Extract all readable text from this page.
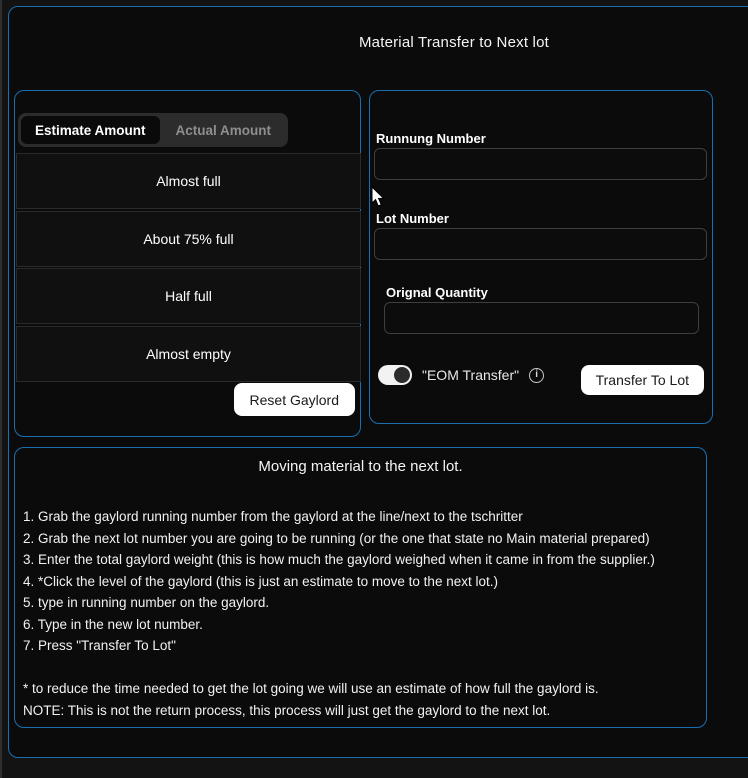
Material Transfer to Next lot
Estimate Amount	Actual Amount
Almost full
About 75% full
Half full
Almost empty
Reset Gaylord
Runnung Number
Lot Number
Orignal Quantity
"EOM Transfer"	i	Transfer To Lot
Moving material to the next lot.
1. Grab the gaylord running number from the gaylord at the line/next to the tschritter
2. Grab the next lot number you are going to be running (or the one that state no Main material prepared)
3. Enter the total gaylord weight (this is how much the gaylord weighed when it came in from the supplier.)
4. *Click the level of the gaylord (this is just an estimate to move to the next lot.)
5. type in running number on the gaylord.
6. Type in the new lot number.
7. Press "Transfer To Lot"
* to reduce the time needed to get the lot going we will use an estimate of how full the gaylord is.
NOTE: This is not the return process, this process will just get the gaylord to the next lot.
